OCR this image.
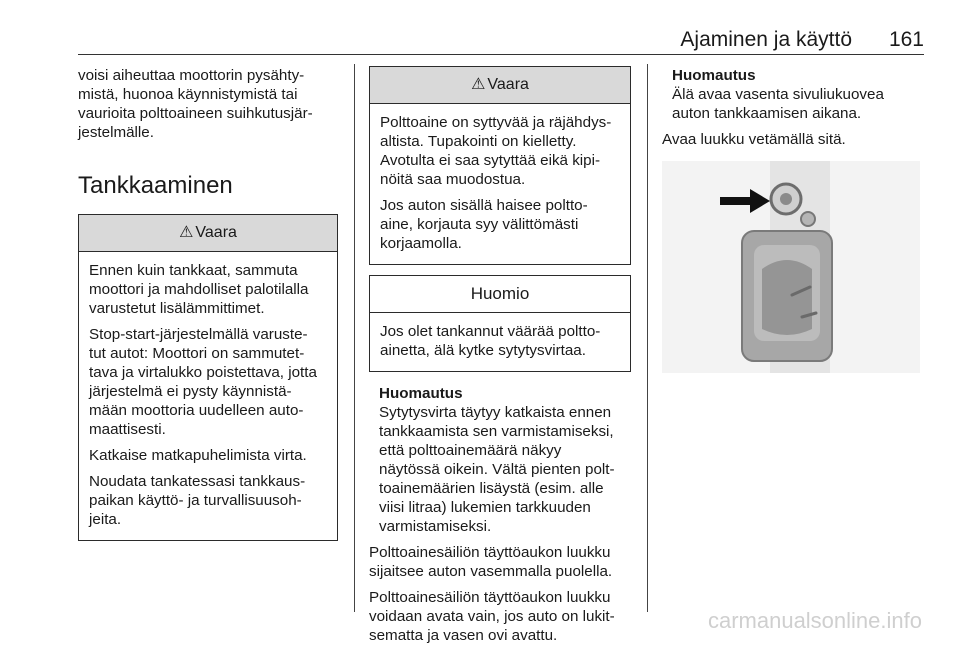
Ajaminen ja käyttö 161

voisi aiheuttaa moottorin pysähty-
mistä, huonoa käynnistymistä tai
vaurioita polttoaineen suihkutusjär-
jestelmälle.

Tankkaaminen
⚠ Vaara

Ennen kuin tankkaat, sammuta
moottori ja mahdolliset palotilalla
varustetut lisälämmittimet.

Stop-start-järjestelmällä varuste-
tut autot: Moottori on sammutet-
tava ja virtalukko poistettava, jotta
järjestelmä ei pysty käynnistä-
mään moottoria uudelleen auto-
maattisesti.

Katkaise matkapuhelimista virta.

Noudata tankatessasi tankkaus-
paikan käyttö- ja turvallisuusoh-
jeita.

⚠ Vaara

Polttoaine on syttyvää ja räjähdys-
altista. Tupakointi on kielletty.
Avotulta ei saa sytyttää eikä kipi-
nöitä saa muodostua.

Jos auton sisällä haisee poltto-
aine, korjauta syy välittömästi
korjaamolla.

Huomio

Jos olet tankannut väärää poltto-
ainetta, älä kytke sytytysvirtaa.

Huomautus

Sytytysvirta täytyy katkaista ennen
tankkaamista sen varmistamiseksi,
että polttoainemäärä näkyy
näytössä oikein. Vältä pienten polt-
toainemäärien lisäystä (esim. alle
viisi litraa) lukemien tarkkuuden
varmistamiseksi.

Polttoainesäiliön täyttöaukon luukku
sijaitsee auton vasemmalla puolella.

Polttoainesäiliön täyttöaukon luukku
voidaan avata vain, jos auto on lukit-
sematta ja vasen ovi avattu.

Huomautus

Älä avaa vasenta sivuliukuovea
auton tankkaamisen aikana.

Avaa luukku vetämällä sitä.

carmanualsonline.info
